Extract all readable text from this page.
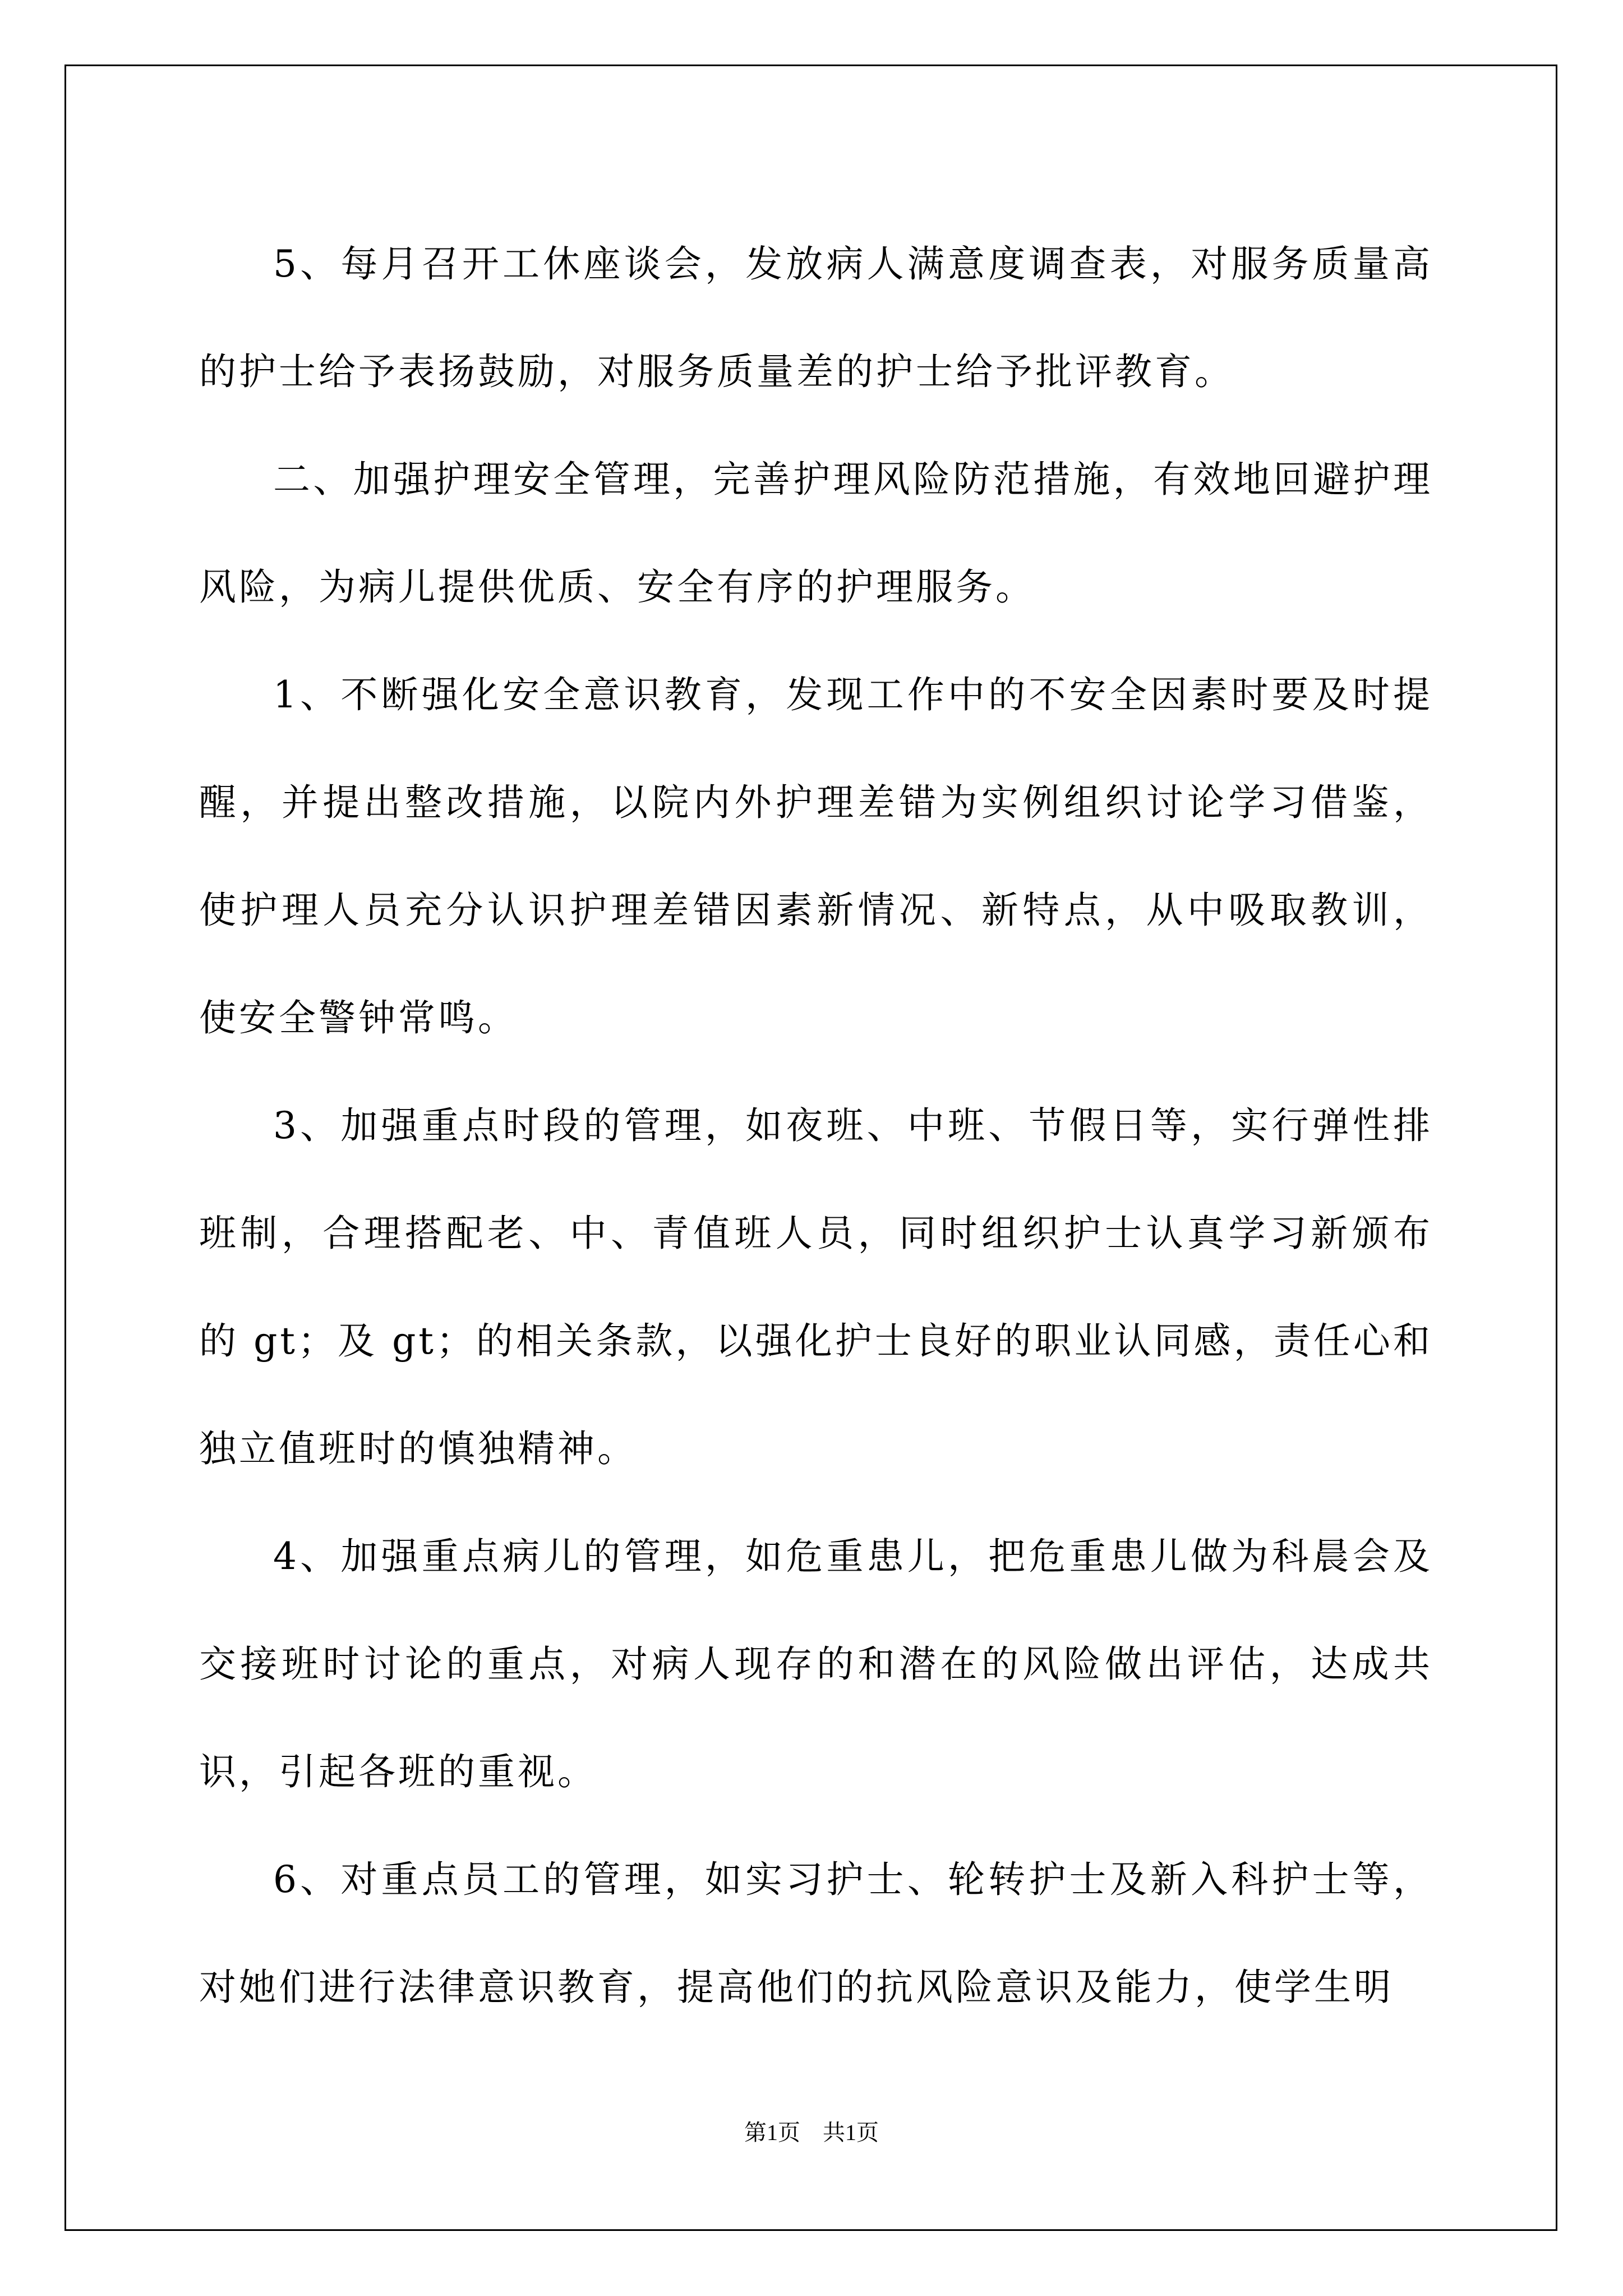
5、每月召开工休座谈会，发放病人满意度调查表，对服务质量高的护士给予表扬鼓励，对服务质量差的护士给予批评教育。

二、加强护理安全管理，完善护理风险防范措施，有效地回避护理风险，为病儿提供优质、安全有序的护理服务。

1、不断强化安全意识教育，发现工作中的不安全因素时要及时提醒，并提出整改措施，以院内外护理差错为实例组织讨论学习借鉴，使护理人员充分认识护理差错因素新情况、新特点，从中吸取教训，使安全警钟常鸣。

3、加强重点时段的管理，如夜班、中班、节假日等，实行弹性排班制，合理搭配老、中、青值班人员，同时组织护士认真学习新颁布的 gt；及 gt；的相关条款，以强化护士良好的职业认同感，责任心和独立值班时的慎独精神。

4、加强重点病儿的管理，如危重患儿，把危重患儿做为科晨会及交接班时讨论的重点，对病人现存的和潜在的风险做出评估，达成共识，引起各班的重视。

6、对重点员工的管理，如实习护士、轮转护士及新入科护士等，对她们进行法律意识教育，提高他们的抗风险意识及能力，使学生明

第1页　共1页
